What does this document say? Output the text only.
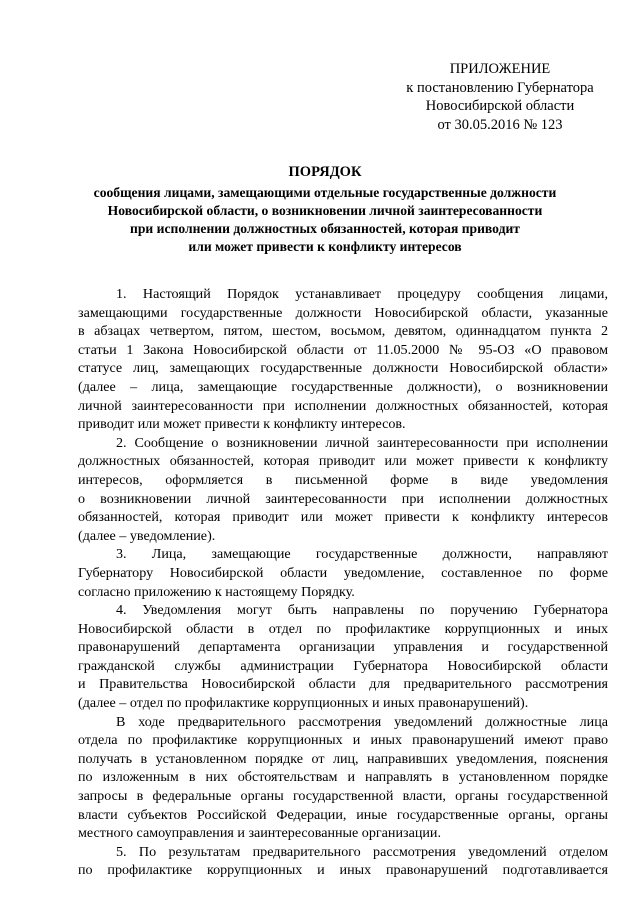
ПРИЛОЖЕНИЕ
к постановлению Губернатора
Новосибирской области
от 30.05.2016 № 123
ПОРЯДОК
сообщения лицами, замещающими отдельные государственные должности
Новосибирской области, о возникновении личной заинтересованности
при исполнении должностных обязанностей, которая приводит
или может привести к конфликту интересов

1. Настоящий Порядок устанавливает процедуру сообщения лицами,
замещающими государственные должности Новосибирской области, указанные
в абзацах четвертом, пятом, шестом, восьмом, девятом, одиннадцатом пункта 2
статьи 1 Закона Новосибирской области от 11.05.2000 № 95-ОЗ «О правовом
статусе лиц, замещающих государственные должности Новосибирской области»
(далее – лица, замещающие государственные должности), о возникновении
личной заинтересованности при исполнении должностных обязанностей, которая
приводит или может привести к конфликту интересов.

2. Сообщение о возникновении личной заинтересованности при исполнении
должностных обязанностей, которая приводит или может привести к конфликту
интересов, оформляется в письменной форме в виде уведомления
о возникновении личной заинтересованности при исполнении должностных
обязанностей, которая приводит или может привести к конфликту интересов
(далее – уведомление).

3. Лица, замещающие государственные должности, направляют
Губернатору Новосибирской области уведомление, составленное по форме
согласно приложению к настоящему Порядку.

4. Уведомления могут быть направлены по поручению Губернатора
Новосибирской области в отдел по профилактике коррупционных и иных
правонарушений департамента организации управления и государственной
гражданской службы администрации Губернатора Новосибирской области
и Правительства Новосибирской области для предварительного рассмотрения
(далее – отдел по профилактике коррупционных и иных правонарушений).

В ходе предварительного рассмотрения уведомлений должностные лица
отдела по профилактике коррупционных и иных правонарушений имеют право
получать в установленном порядке от лиц, направивших уведомления, пояснения
по изложенным в них обстоятельствам и направлять в установленном порядке
запросы в федеральные органы государственной власти, органы государственной
власти субъектов Российской Федерации, иные государственные органы, органы
местного самоуправления и заинтересованные организации.

5. По результатам предварительного рассмотрения уведомлений отделом
по профилактике коррупционных и иных правонарушений подготавливается
